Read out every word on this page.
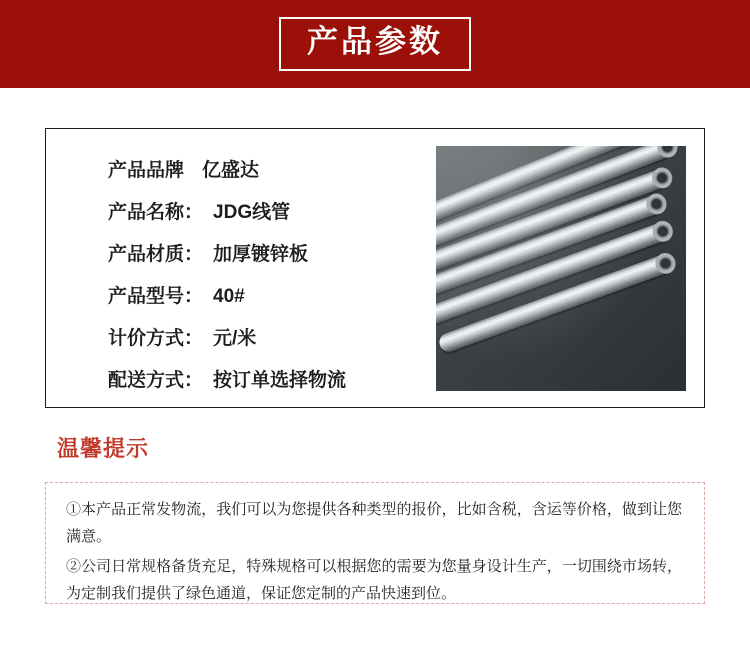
产品参数
产品品牌 亿盛达
产品名称 ： JDG线管
产品材质 ： 加厚镀锌板
产品型号 ： 40#
计价方式 ： 元/米
配送方式 ： 按订单选择物流
温馨提示
①本产品正常发物流，我们可以为您提供各种类型的报价，比如含税，含运等价格，做到让您满意。
②公司日常规格备货充足，特殊规格可以根据您的需要为您量身设计生产，一切围绕市场转，为定制我们提供了绿色通道，保证您定制的产品快速到位。
